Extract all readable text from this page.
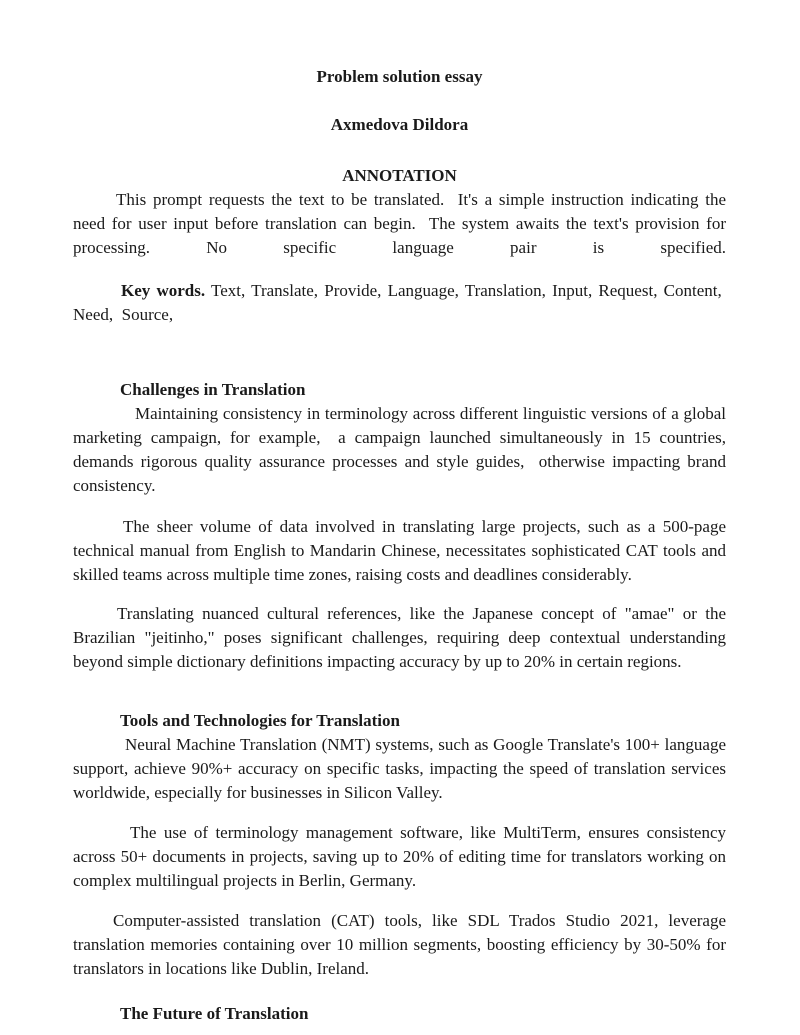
Problem solution essay
Axmedova Dildora
ANNOTATION

This prompt requests the text to be translated.  It's a simple instruction indicating the need for user input before translation can begin.  The system awaits the text's provision for processing. No specific language pair is specified.

Key words. Text, Translate, Provide, Language, Translation, Input, Request, Content,  Need,  Source,

Challenges in Translation

Maintaining consistency in terminology across different linguistic versions of a global marketing campaign, for example,  a campaign launched simultaneously in 15 countries, demands rigorous quality assurance processes and style guides,  otherwise impacting brand consistency.

The sheer volume of data involved in translating large projects, such as a 500-page technical manual from English to Mandarin Chinese, necessitates sophisticated CAT tools and skilled teams across multiple time zones, raising costs and deadlines considerably.

Translating nuanced cultural references, like the Japanese concept of "amae" or the Brazilian "jeitinho," poses significant challenges, requiring deep contextual understanding beyond simple dictionary definitions impacting accuracy by up to 20% in certain regions.

Tools and Technologies for Translation

Neural Machine Translation (NMT) systems, such as Google Translate's 100+ language support, achieve 90%+ accuracy on specific tasks, impacting the speed of translation services worldwide, especially for businesses in Silicon Valley.

The use of terminology management software, like MultiTerm, ensures consistency across 50+ documents in projects, saving up to 20% of editing time for translators working on complex multilingual projects in Berlin, Germany.

Computer-assisted translation (CAT) tools, like SDL Trados Studio 2021, leverage translation memories containing over 10 million segments, boosting efficiency by 30-50% for translators in locations like Dublin, Ireland.

The Future of Translation
